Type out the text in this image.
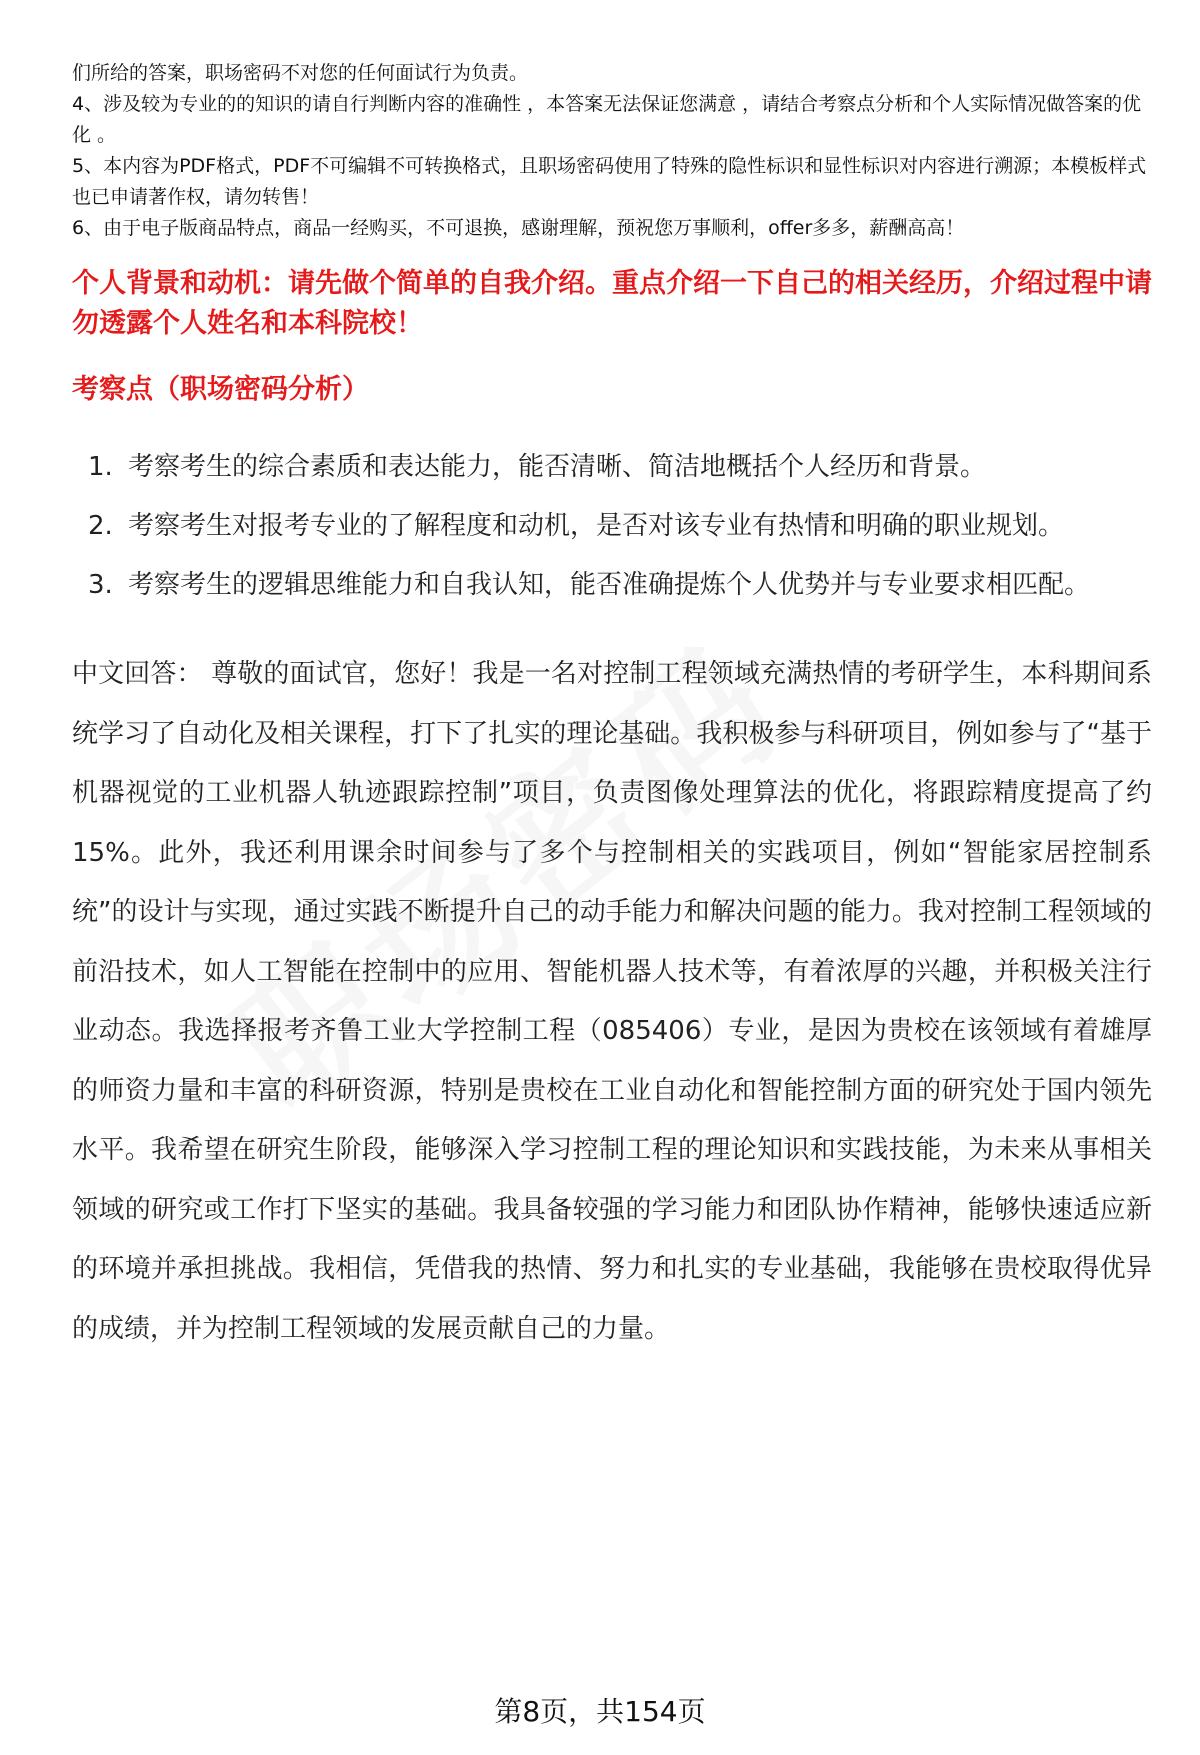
们所给的答案，职场密码不对您的任何面试行为负责。

4、涉及较为专业的的知识的请自行判断内容的准确性 ，本答案无法保证您满意 ，请结合考察点分析和个人实际情况做答案的优化 。

5、本内容为PDF格式，PDF不可编辑不可转换格式，且职场密码使用了特殊的隐性标识和显性标识对内容进行溯源；本模板样式也已申请著作权，请勿转售！

6、由于电子版商品特点，商品一经购买，不可退换，感谢理解，预祝您万事顺利，offer多多，薪酬高高！

个人背景和动机：请先做个简单的自我介绍。重点介绍一下自己的相关经历，介绍过程中请勿透露个人姓名和本科院校！
考察点（职场密码分析）
1. 考察考生的综合素质和表达能力，能否清晰、简洁地概括个人经历和背景。
2. 考察考生对报考专业的了解程度和动机，是否对该专业有热情和明确的职业规划。
3. 考察考生的逻辑思维能力和自我认知，能否准确提炼个人优势并与专业要求相匹配。

中文回答： 尊敬的面试官，您好！我是一名对控制工程领域充满热情的考研学生，本科期间系统学习了自动化及相关课程，打下了扎实的理论基础。我积极参与科研项目，例如参与了“基于机器视觉的工业机器人轨迹跟踪控制”项目，负责图像处理算法的优化，将跟踪精度提高了约15%。此外，我还利用课余时间参与了多个与控制相关的实践项目，例如“智能家居控制系统”的设计与实现，通过实践不断提升自己的动手能力和解决问题的能力。我对控制工程领域的前沿技术，如人工智能在控制中的应用、智能机器人技术等，有着浓厚的兴趣，并积极关注行业动态。我选择报考齐鲁工业大学控制工程（085406）专业，是因为贵校在该领域有着雄厚的师资力量和丰富的科研资源，特别是贵校在工业自动化和智能控制方面的研究处于国内领先水平。我希望在研究生阶段，能够深入学习控制工程的理论知识和实践技能，为未来从事相关领域的研究或工作打下坚实的基础。我具备较强的学习能力和团队协作精神，能够快速适应新的环境并承担挑战。我相信，凭借我的热情、努力和扎实的专业基础，我能够在贵校取得优异的成绩，并为控制工程领域的发展贡献自己的力量。

第8页，共154页
